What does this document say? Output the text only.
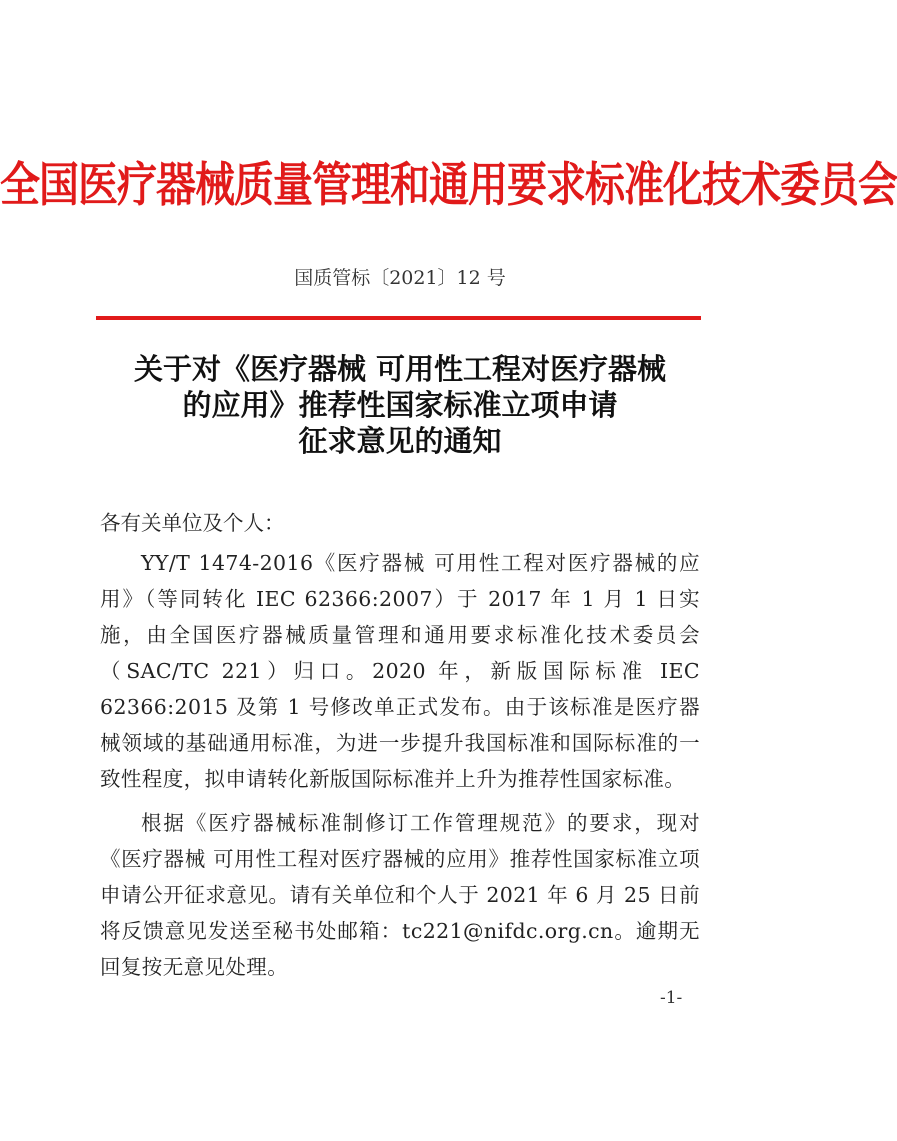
全国医疗器械质量管理和通用要求标准化技术委员会
国质管标〔2021〕12 号
关于对《医疗器械 可用性工程对医疗器械
的应用》推荐性国家标准立项申请
征求意见的通知
各有关单位及个人：

YY/T 1474-2016《医疗器械 可用性工程对医疗器械的应用》（等同转化 IEC 62366:2007）于 2017 年 1 月 1 日实施，由全国医疗器械质量管理和通用要求标准化技术委员会（SAC/TC 221）归口。2020 年，新版国际标准 IEC 62366:2015 及第 1 号修改单正式发布。由于该标准是医疗器械领域的基础通用标准，为进一步提升我国标准和国际标准的一致性程度，拟申请转化新版国际标准并上升为推荐性国家标准。

根据《医疗器械标准制修订工作管理规范》的要求，现对《医疗器械 可用性工程对医疗器械的应用》推荐性国家标准立项申请公开征求意见。请有关单位和个人于 2021 年 6 月 25 日前将反馈意见发送至秘书处邮箱：tc221@nifdc.org.cn。逾期无回复按无意见处理。

-1-
